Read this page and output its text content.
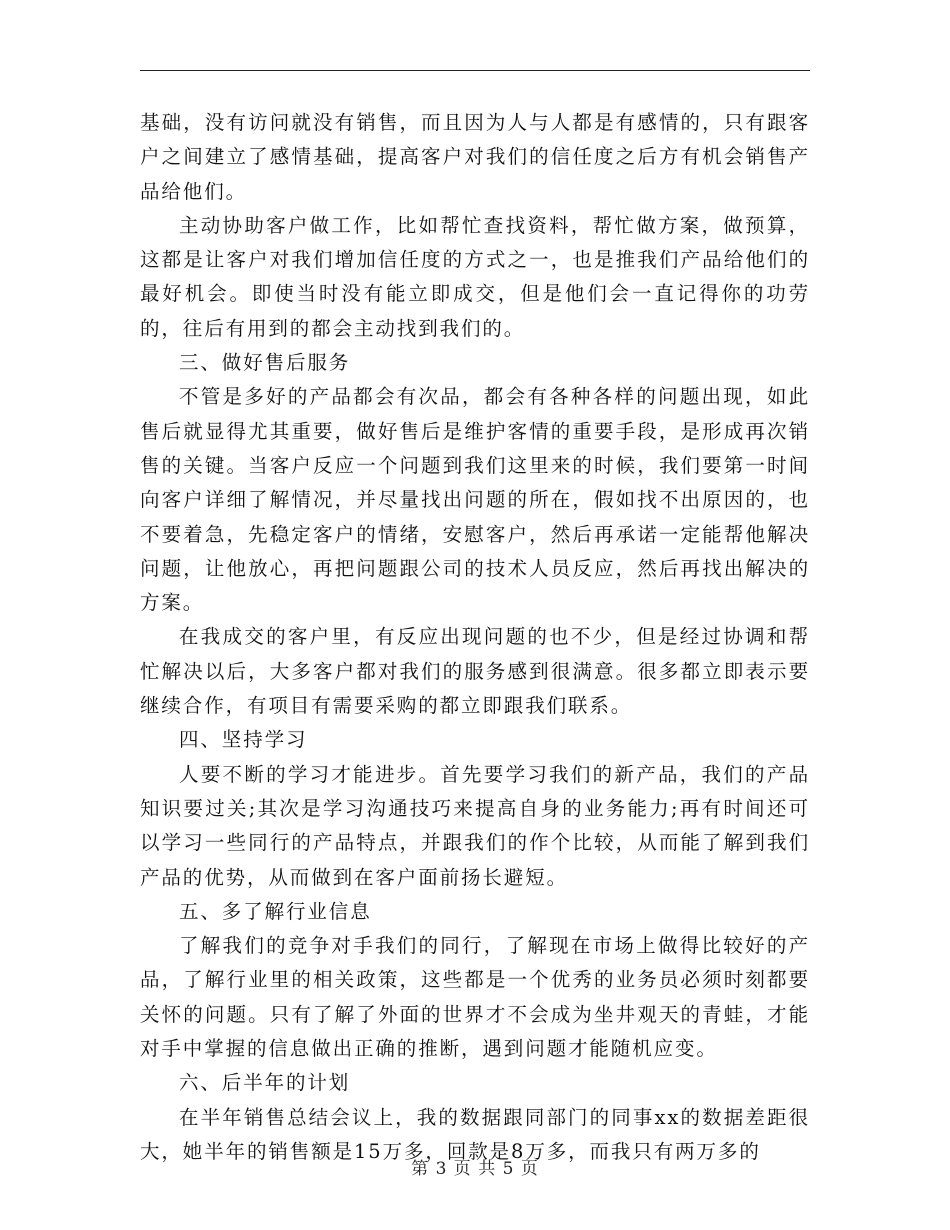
基础，没有访问就没有销售，而且因为人与人都是有感情的，只有跟客户之间建立了感情基础，提高客户对我们的信任度之后方有机会销售产品给他们。

主动协助客户做工作，比如帮忙查找资料，帮忙做方案，做预算，这都是让客户对我们增加信任度的方式之一，也是推我们产品给他们的最好机会。即使当时没有能立即成交，但是他们会一直记得你的功劳的，往后有用到的都会主动找到我们的。

三、做好售后服务

不管是多好的产品都会有次品，都会有各种各样的问题出现，如此售后就显得尤其重要，做好售后是维护客情的重要手段，是形成再次销售的关键。当客户反应一个问题到我们这里来的时候，我们要第一时间向客户详细了解情况，并尽量找出问题的所在，假如找不出原因的，也不要着急，先稳定客户的情绪，安慰客户，然后再承诺一定能帮他解决问题，让他放心，再把问题跟公司的技术人员反应，然后再找出解决的方案。

在我成交的客户里，有反应出现问题的也不少，但是经过协调和帮忙解决以后，大多客户都对我们的服务感到很满意。很多都立即表示要继续合作，有项目有需要采购的都立即跟我们联系。

四、坚持学习

人要不断的学习才能进步。首先要学习我们的新产品，我们的产品知识要过关;其次是学习沟通技巧来提高自身的业务能力;再有时间还可以学习一些同行的产品特点，并跟我们的作个比较，从而能了解到我们产品的优势，从而做到在客户面前扬长避短。

五、多了解行业信息

了解我们的竞争对手我们的同行，了解现在市场上做得比较好的产品，了解行业里的相关政策，这些都是一个优秀的业务员必须时刻都要关怀的问题。只有了解了外面的世界才不会成为坐井观天的青蛙，才能对手中掌握的信息做出正确的推断，遇到问题才能随机应变。

六、后半年的计划

在半年销售总结会议上，我的数据跟同部门的同事xx的数据差距很大，她半年的销售额是15万多，回款是8万多，而我只有两万多的

第 3 页 共 5 页
